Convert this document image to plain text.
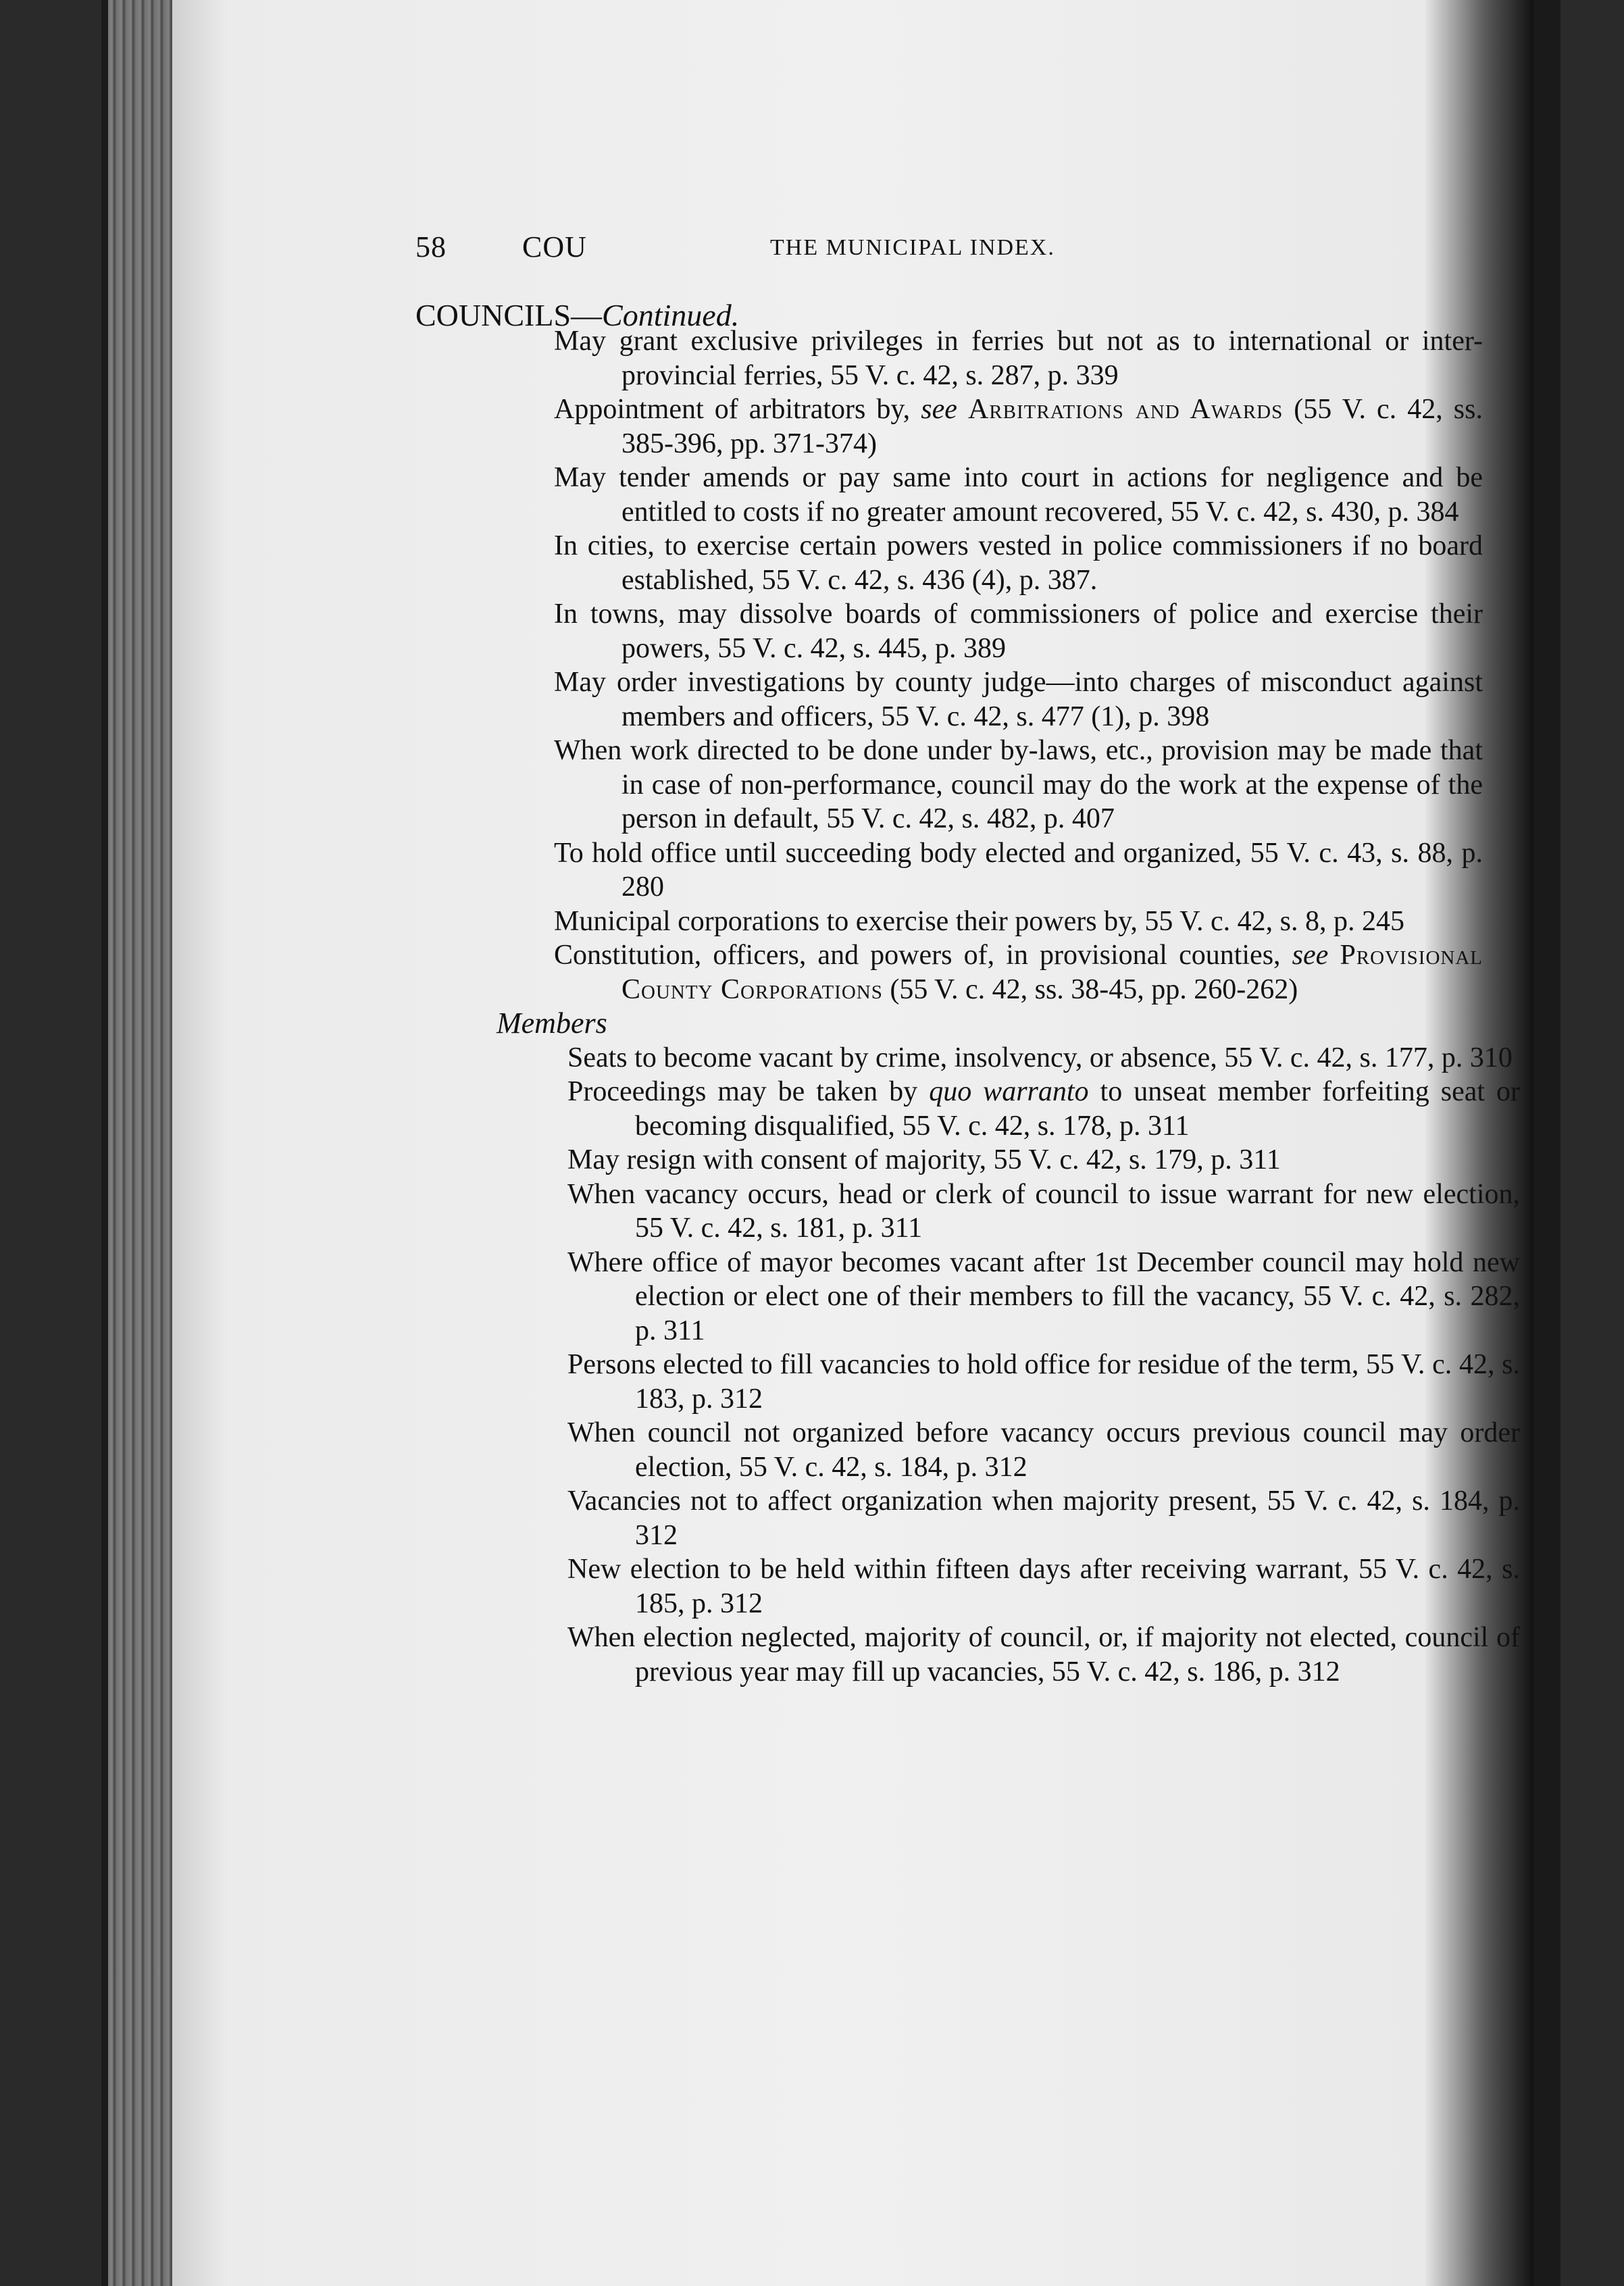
58	COU	THE MUNICIPAL INDEX.
COUNCILS—Continued.
May grant exclusive privileges in ferries but not as to international or inter-provincial ferries, 55 V. c. 42, s. 287, p. 339
Appointment of arbitrators by, see Arbitrations and Awards (55 V. c. 42, ss. 385-396, pp. 371-374)
May tender amends or pay same into court in actions for negligence and be entitled to costs if no greater amount recovered, 55 V. c. 42, s. 430, p. 384
In cities, to exercise certain powers vested in police commissioners if no board established, 55 V. c. 42, s. 436 (4), p. 387.
In towns, may dissolve boards of commissioners of police and exercise their powers, 55 V. c. 42, s. 445, p. 389
May order investigations by county judge—into charges of misconduct against members and officers, 55 V. c. 42, s. 477 (1), p. 398
When work directed to be done under by-laws, etc., provision may be made that in case of non-performance, council may do the work at the expense of the person in default, 55 V. c. 42, s. 482, p. 407
To hold office until succeeding body elected and organized, 55 V. c. 43, s. 88, p. 280
Municipal corporations to exercise their powers by, 55 V. c. 42, s. 8, p. 245
Constitution, officers, and powers of, in provisional counties, see Provisional County Corporations (55 V. c. 42, ss. 38-45, pp. 260-262)
Members
Seats to become vacant by crime, insolvency, or absence, 55 V. c. 42, s. 177, p. 310
Proceedings may be taken by quo warranto to unseat member forfeiting seat or becoming disqualified, 55 V. c. 42, s. 178, p. 311
May resign with consent of majority, 55 V. c. 42, s. 179, p. 311
When vacancy occurs, head or clerk of council to issue warrant for new election, 55 V. c. 42, s. 181, p. 311
Where office of mayor becomes vacant after 1st December council may hold new election or elect one of their members to fill the vacancy, 55 V. c. 42, s. 282, p. 311
Persons elected to fill vacancies to hold office for residue of the term, 55 V. c. 42, s. 183, p. 312
When council not organized before vacancy occurs previous council may order election, 55 V. c. 42, s. 184, p. 312
Vacancies not to affect organization when majority present, 55 V. c. 42, s. 184, p. 312
New election to be held within fifteen days after receiving warrant, 55 V. c. 42, s. 185, p. 312
When election neglected, majority of council, or, if majority not elected, council of previous year may fill up vacancies, 55 V. c. 42, s. 186, p. 312
